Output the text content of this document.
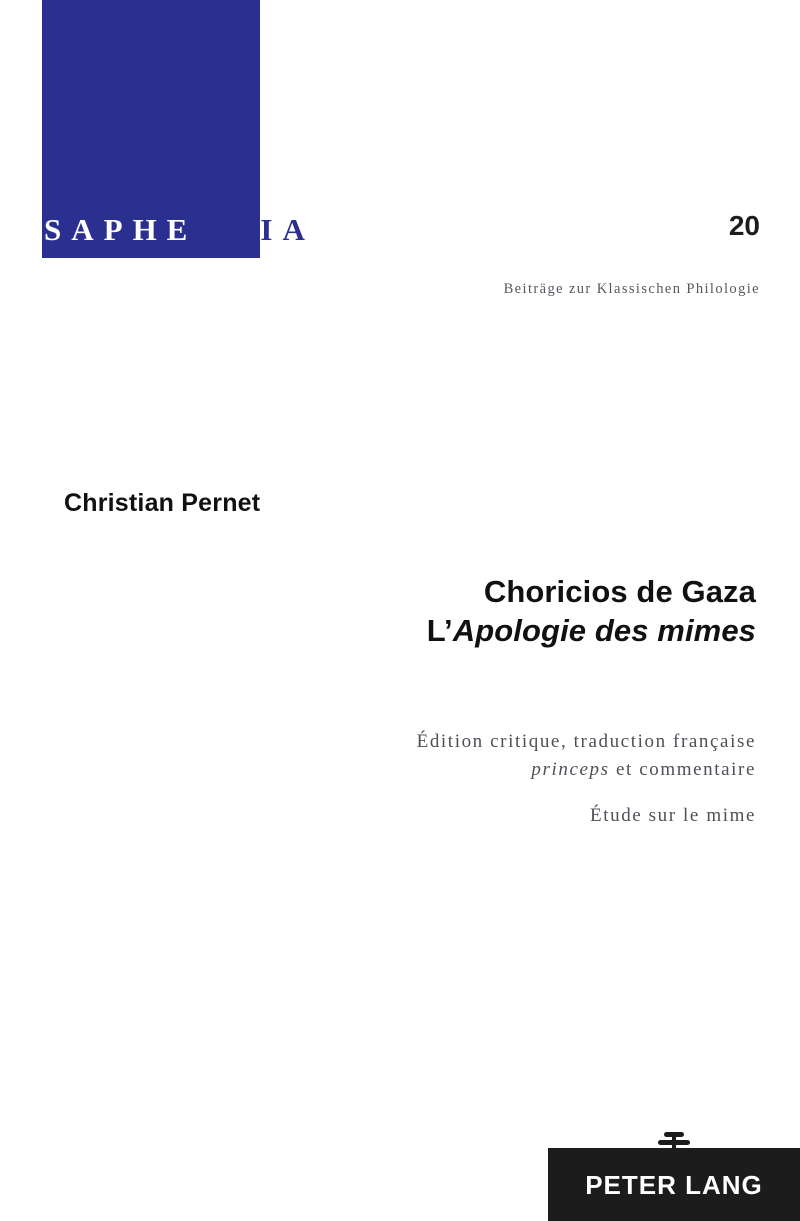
SAPHENEIA	20
Beiträge zur Klassischen Philologie
Christian Pernet
Choricios de Gaza
L’Apologie des mimes
Édition critique, traduction française
princeps et commentaire
Étude sur le mime
PETER LANG
